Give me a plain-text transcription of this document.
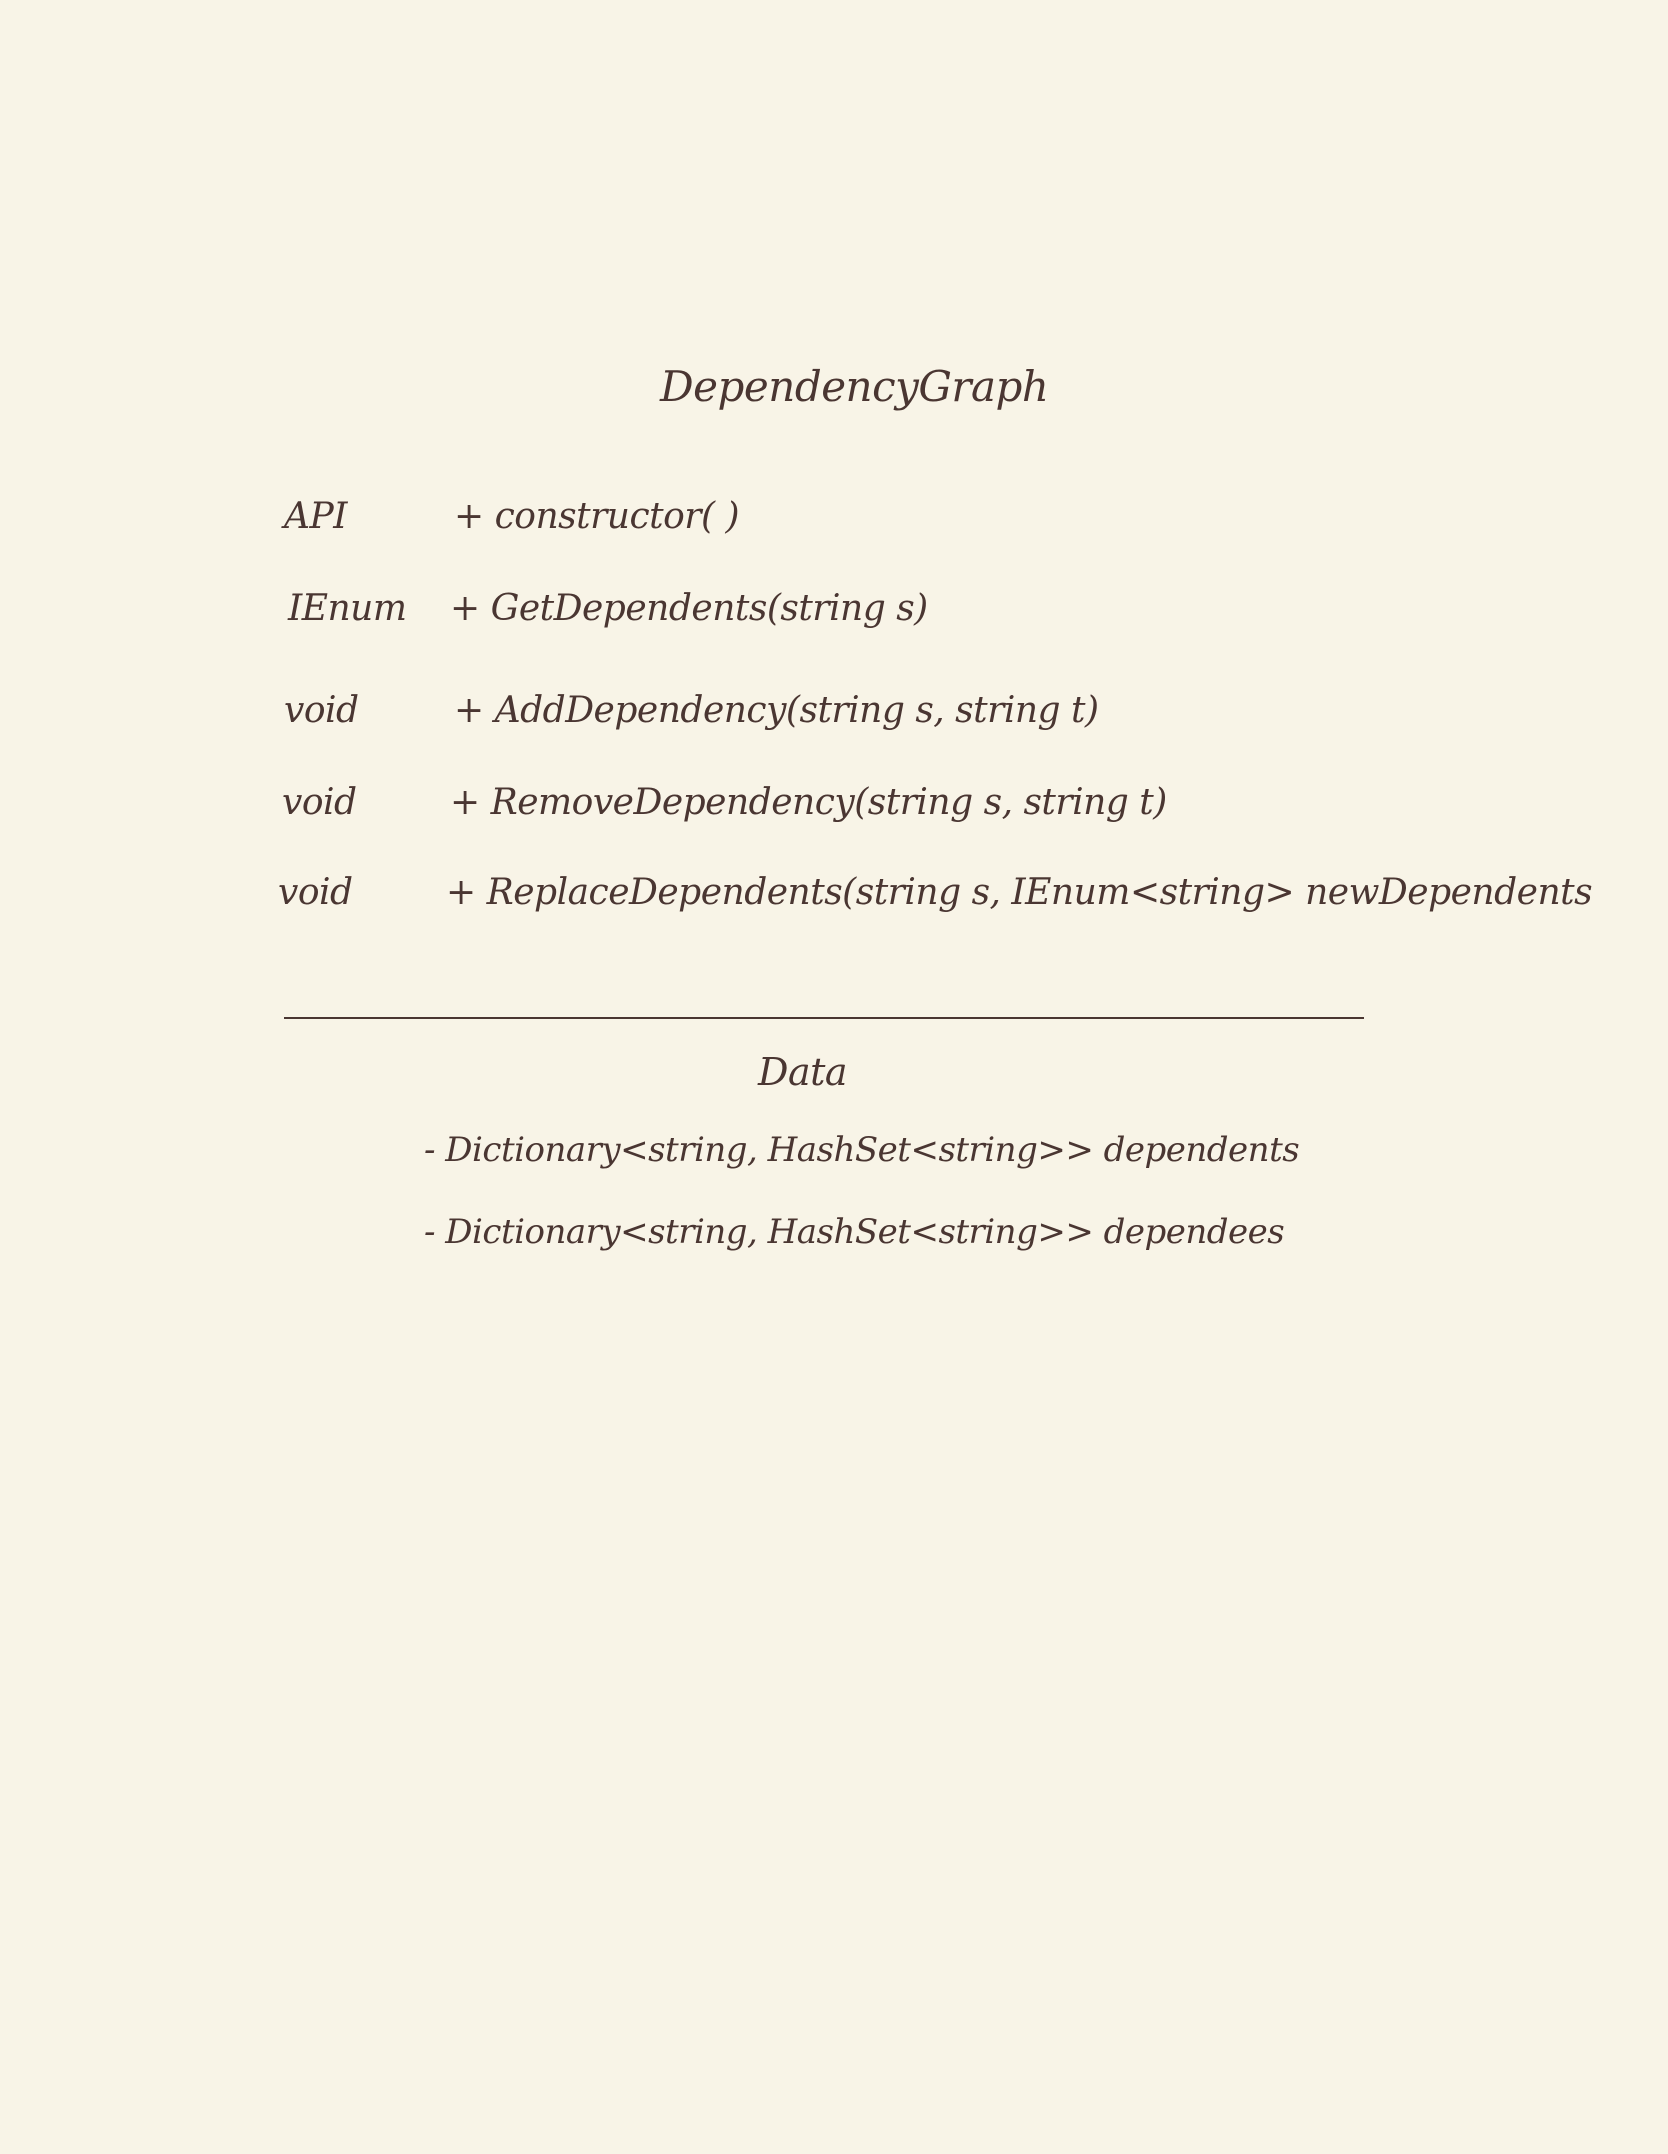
DependencyGraph
API	+ constructor( )
IEnum + GetDependents(string s)
void	+ AddDependency(string s, string t)
void	+ RemoveDependency(string s, string t)
void	+ ReplaceDependents(string s, IEnum<string> newDependents
Data
- Dictionary<string, HashSet<string>> dependents
- Dictionary<string, HashSet<string>> dependees
